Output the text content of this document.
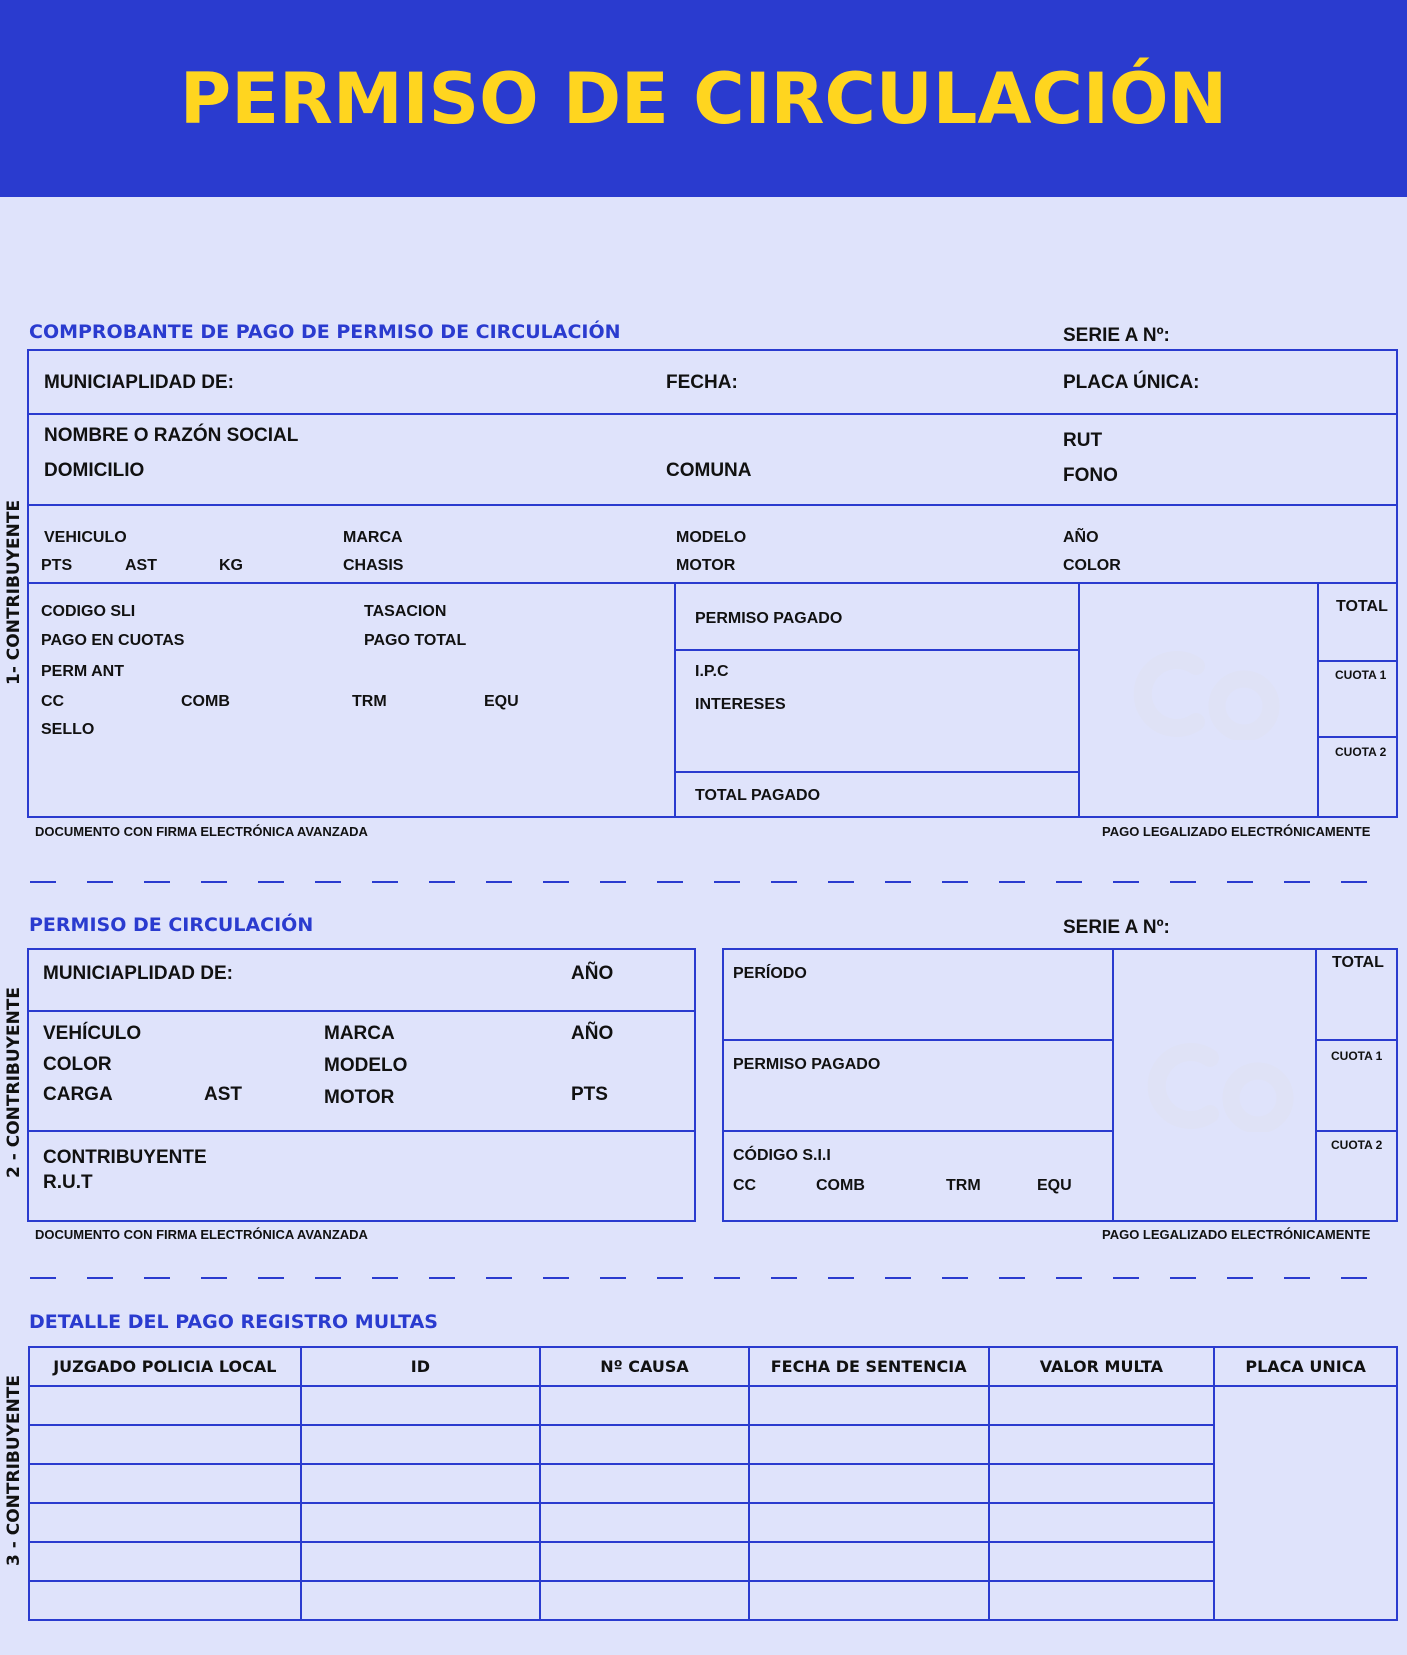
PERMISO DE CIRCULACIÓN
COMPROBANTE DE PAGO DE PERMISO DE CIRCULACIÓN	SERIE A Nº:
1- CONTRIBUYENTE
MUNICIAPLIDAD DE:	FECHA:	PLACA ÚNICA:
NOMBRE O RAZÓN SOCIAL
DOMICILIO	COMUNA
RUT
FONO
VEHICULO	MARCA	MODELO	AÑO
PTS	AST	KG	CHASIS	MOTOR	COLOR
CODIGO SLI	TASACION
PAGO EN CUOTAS	PAGO TOTAL
PERM ANT
CC	COMB	TRM	EQU
SELLO
PERMISO PAGADO
I.P.C
INTERESES
TOTAL PAGADO
TOTAL
CUOTA 1
CUOTA 2
DOCUMENTO CON FIRMA ELECTRÓNICA AVANZADA	PAGO LEGALIZADO ELECTRÓNICAMENTE
PERMISO DE CIRCULACIÓN	SERIE A Nº:
2 - CONTRIBUYENTE
MUNICIAPLIDAD DE:	AÑO
VEHÍCULO	MARCA	AÑO
COLOR	MODELO
CARGA	AST	MOTOR	PTS
CONTRIBUYENTE
R.U.T
PERÍODO
PERMISO PAGADO
CÓDIGO S.I.I
CC	COMB	TRM	EQU
TOTAL
CUOTA 1
CUOTA 2
DOCUMENTO CON FIRMA ELECTRÓNICA AVANZADA	PAGO LEGALIZADO ELECTRÓNICAMENTE
DETALLE DEL PAGO REGISTRO MULTAS
3 - CONTRIBUYENTE
JUZGADO POLICIA LOCAL	ID	Nº CAUSA	FECHA DE SENTENCIA	VALOR MULTA	PLACA UNICA
